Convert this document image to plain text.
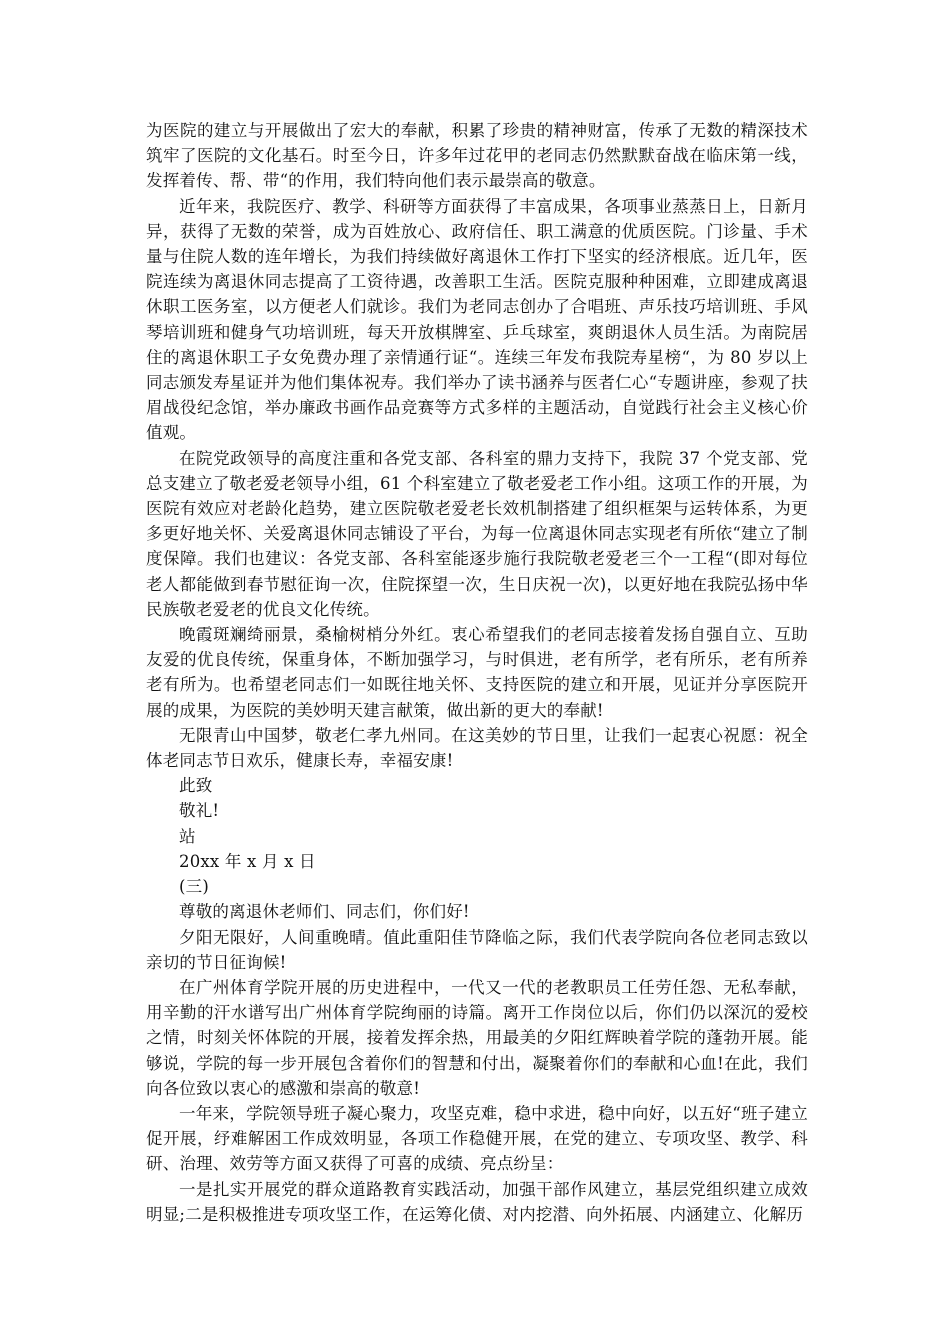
为医院的建立与开展做出了宏大的奉献，积累了珍贵的精神财富，传承了无数的精深技术筑牢了医院的文化基石。时至今日，许多年过花甲的老同志仍然默默奋战在临床第一线，发挥着传、帮、带“的作用，我们特向他们表示最崇高的敬意。

近年来，我院医疗、教学、科研等方面获得了丰富成果，各项事业蒸蒸日上，日新月异，获得了无数的荣誉，成为百姓放心、政府信任、职工满意的优质医院。门诊量、手术量与住院人数的连年增长，为我们持续做好离退休工作打下坚实的经济根底。近几年，医院连续为离退休同志提高了工资待遇，改善职工生活。医院克服种种困难，立即建成离退休职工医务室，以方便老人们就诊。我们为老同志创办了合唱班、声乐技巧培训班、手风琴培训班和健身气功培训班，每天开放棋牌室、乒乓球室，爽朗退休人员生活。为南院居住的离退休职工子女免费办理了亲情通行证“。连续三年发布我院寿星榜“，为 80 岁以上同志颁发寿星证并为他们集体祝寿。我们举办了读书涵养与医者仁心“专题讲座，参观了扶眉战役纪念馆，举办廉政书画作品竞赛等方式多样的主题活动，自觉践行社会主义核心价值观。

在院党政领导的高度注重和各党支部、各科室的鼎力支持下，我院 37 个党支部、党总支建立了敬老爱老领导小组，61 个科室建立了敬老爱老工作小组。这项工作的开展，为医院有效应对老龄化趋势，建立医院敬老爱老长效机制搭建了组织框架与运转体系，为更多更好地关怀、关爱离退休同志铺设了平台，为每一位离退休同志实现老有所依“建立了制度保障。我们也建议：各党支部、各科室能逐步施行我院敬老爱老三个一工程“(即对每位老人都能做到春节慰征询一次，住院探望一次，生日庆祝一次)，以更好地在我院弘扬中华民族敬老爱老的优良文化传统。

晚霞斑斓绮丽景，桑榆树梢分外红。衷心希望我们的老同志接着发扬自强自立、互助友爱的优良传统，保重身体，不断加强学习，与时俱进，老有所学，老有所乐，老有所养老有所为。也希望老同志们一如既往地关怀、支持医院的建立和开展，见证并分享医院开展的成果，为医院的美妙明天建言献策，做出新的更大的奉献!

无限青山中国梦，敬老仁孝九州同。在这美妙的节日里，让我们一起衷心祝愿：祝全体老同志节日欢乐，健康长寿，幸福安康!

此致

敬礼!

站

20xx 年 x 月 x 日

(三)

尊敬的离退休老师们、同志们，你们好!

夕阳无限好，人间重晚晴。值此重阳佳节降临之际，我们代表学院向各位老同志致以亲切的节日征询候!

在广州体育学院开展的历史进程中，一代又一代的老教职员工任劳任怨、无私奉献，用辛勤的汗水谱写出广州体育学院绚丽的诗篇。离开工作岗位以后，你们仍以深沉的爱校之情，时刻关怀体院的开展，接着发挥余热，用最美的夕阳红辉映着学院的蓬勃开展。能够说，学院的每一步开展包含着你们的智慧和付出，凝聚着你们的奉献和心血!在此，我们向各位致以衷心的感激和崇高的敬意!

一年来，学院领导班子凝心聚力，攻坚克难，稳中求进，稳中向好，以五好“班子建立促开展，纾难解困工作成效明显，各项工作稳健开展，在党的建立、专项攻坚、教学、科研、治理、效劳等方面又获得了可喜的成绩、亮点纷呈：

一是扎实开展党的群众道路教育实践活动，加强干部作风建立，基层党组织建立成效明显;二是积极推进专项攻坚工作，在运筹化债、对内挖潜、向外拓展、内涵建立、化解历
